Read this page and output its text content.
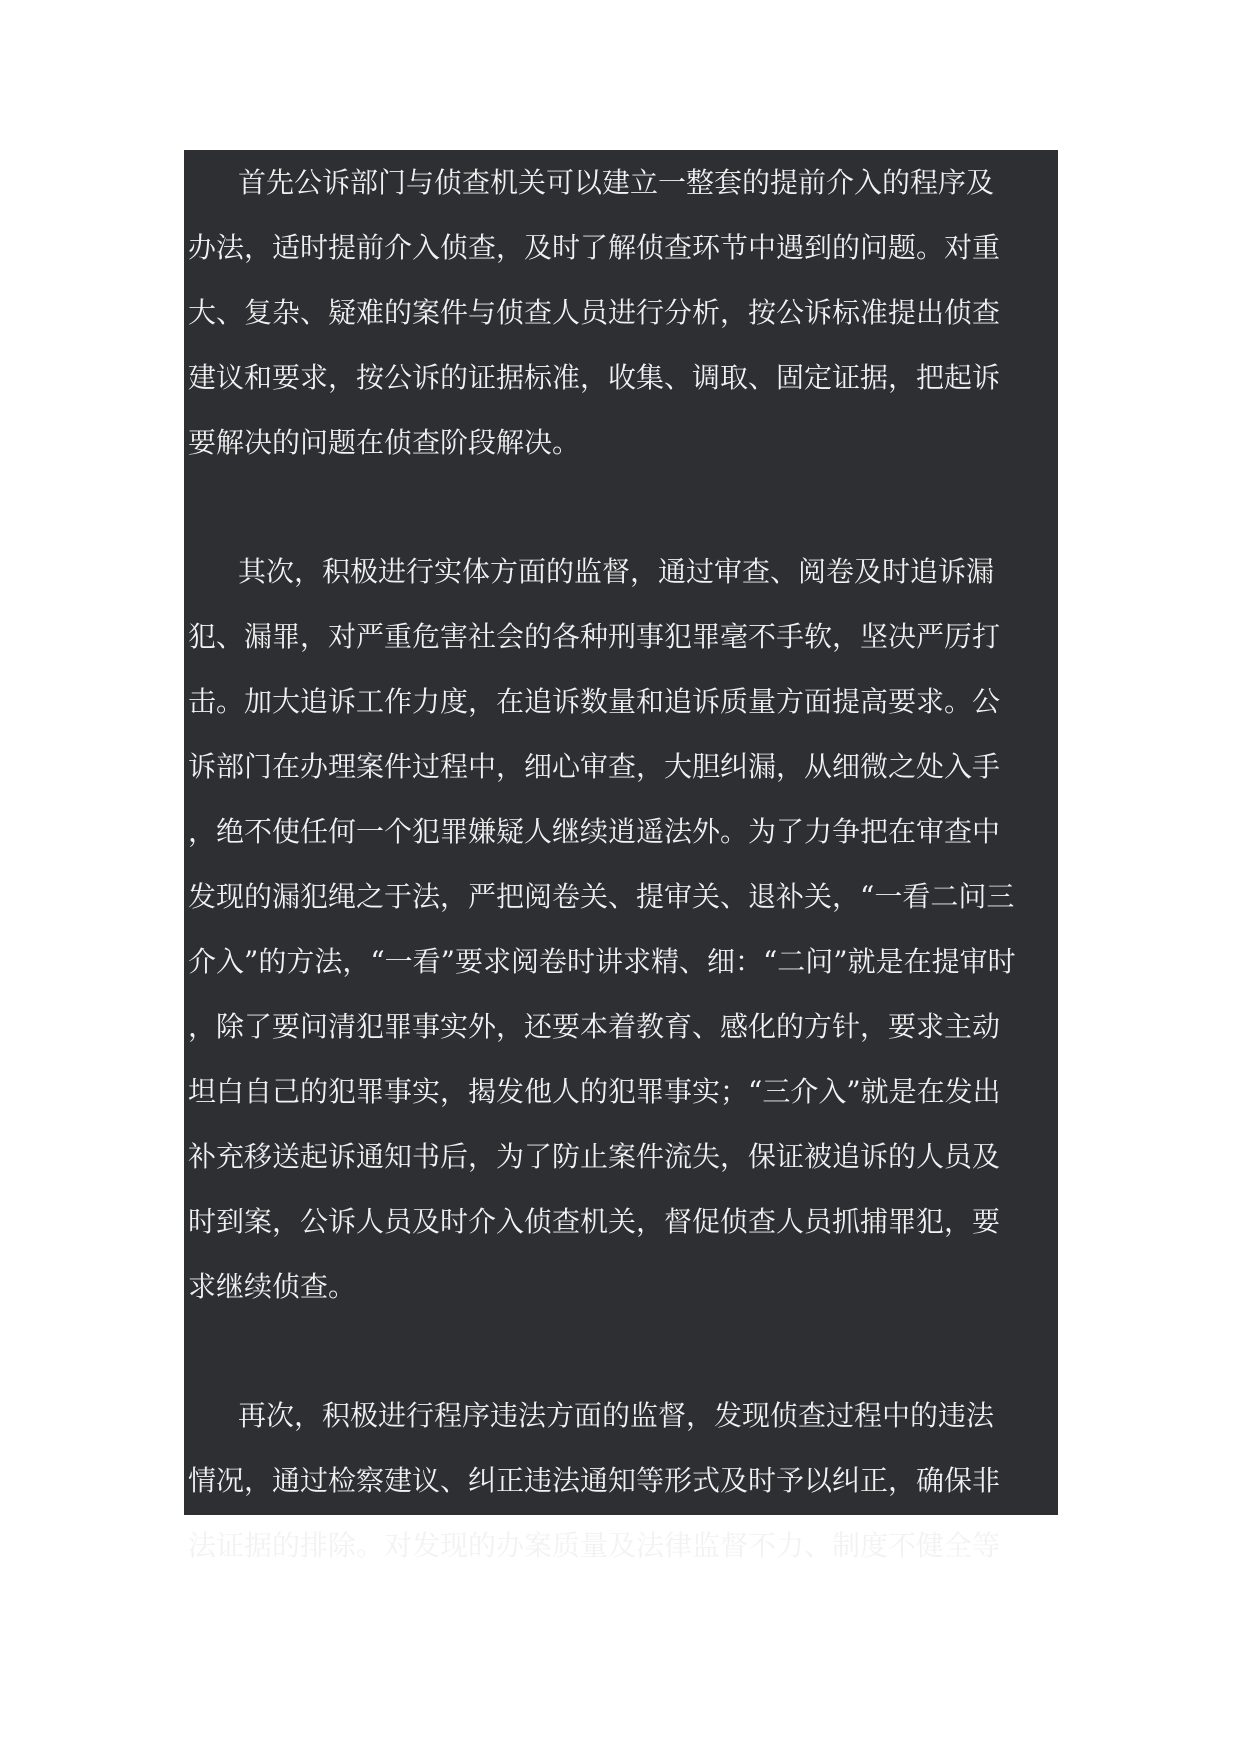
首先公诉部门与侦查机关可以建立一整套的提前介入的程序及
办法，适时提前介入侦查，及时了解侦查环节中遇到的问题。对重
大、复杂、疑难的案件与侦查人员进行分析，按公诉标准提出侦查
建议和要求，按公诉的证据标准，收集、调取、固定证据，把起诉
要解决的问题在侦查阶段解决。
其次，积极进行实体方面的监督，通过审查、阅卷及时追诉漏
犯、漏罪，对严重危害社会的各种刑事犯罪毫不手软，坚决严厉打
击。加大追诉工作力度，在追诉数量和追诉质量方面提高要求。公
诉部门在办理案件过程中，细心审查，大胆纠漏，从细微之处入手
，绝不使任何一个犯罪嫌疑人继续逍遥法外。为了力争把在审查中
发现的漏犯绳之于法，严把阅卷关、提审关、退补关，“一看二问三
介入”的方法，“一看”要求阅卷时讲求精、细：“二问”就是在提审时
，除了要问清犯罪事实外，还要本着教育、感化的方针，要求主动
坦白自己的犯罪事实，揭发他人的犯罪事实；“三介入”就是在发出
补充移送起诉通知书后，为了防止案件流失，保证被追诉的人员及
时到案，公诉人员及时介入侦查机关，督促侦查人员抓捕罪犯，要
求继续侦查。
再次，积极进行程序违法方面的监督，发现侦查过程中的违法
情况，通过检察建议、纠正违法通知等形式及时予以纠正，确保非
法证据的排除。对发现的办案质量及法律监督不力、制度不健全等
